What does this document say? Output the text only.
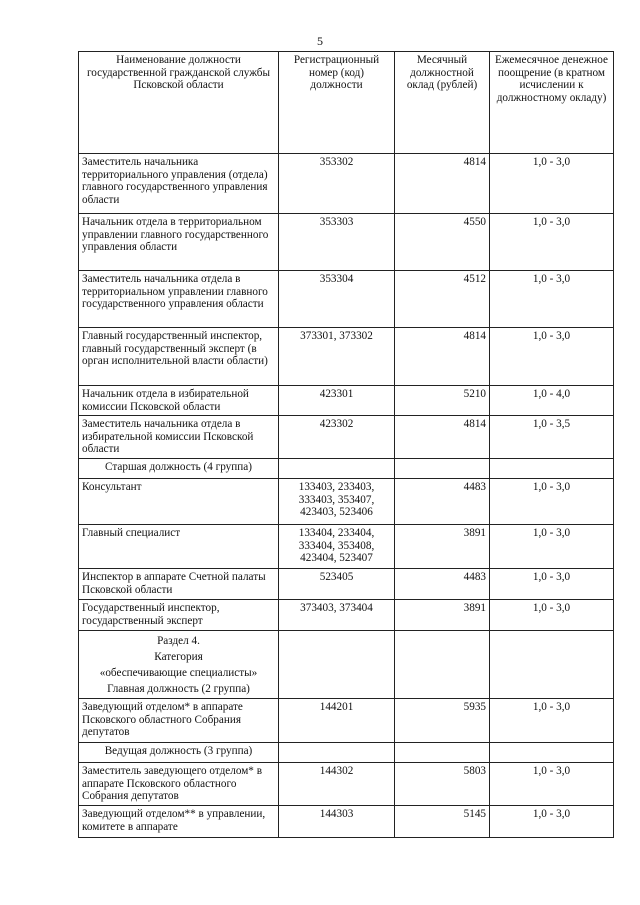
5
Наименование должности государственной гражданской службы Псковской области	Регистрационный номер (код) должности	Месячный должностной оклад (рублей)	Ежемесячное денежное поощрение (в кратном исчислении к должностному окладу)
Заместитель начальника территориального управления (отдела) главного государственного управления области	353302	4814	1,0 - 3,0
Начальник отдела в территориальном управлении главного государственного управления области	353303	4550	1,0 - 3,0
Заместитель начальника отдела в территориальном управлении главного государственного управления области	353304	4512	1,0 - 3,0
Главный государственный инспектор, главный государственный эксперт (в орган исполнительной власти области)	373301, 373302	4814	1,0 - 3,0
Начальник отдела в избирательной комиссии Псковской области	423301	5210	1,0 - 4,0
Заместитель начальника отдела в избирательной комиссии Псковской области	423302	4814	1,0 - 3,5
Старшая должность (4 группа)			
Консультант	133403, 233403, 333403, 353407, 423403, 523406	4483	1,0 - 3,0
Главный специалист	133404, 233404, 333404, 353408, 423404, 523407	3891	1,0 - 3,0
Инспектор в аппарате Счетной палаты Псковской области	523405	4483	1,0 - 3,0
Государственный инспектор, государственный эксперт	373403, 373404	3891	1,0 - 3,0

Раздел 4.
Категория
«обеспечивающие специалисты»
Главная должность (2 группа)			

Заведующий отделом* в аппарате Псковского областного Собрания депутатов	144201	5935	1,0 - 3,0
Ведущая должность (3 группа)			
Заместитель заведующего отделом* в аппарате Псковского областного Собрания депутатов	144302	5803	1,0 - 3,0
Заведующий отделом** в управлении, комитете в аппарате	144303	5145	1,0 - 3,0
